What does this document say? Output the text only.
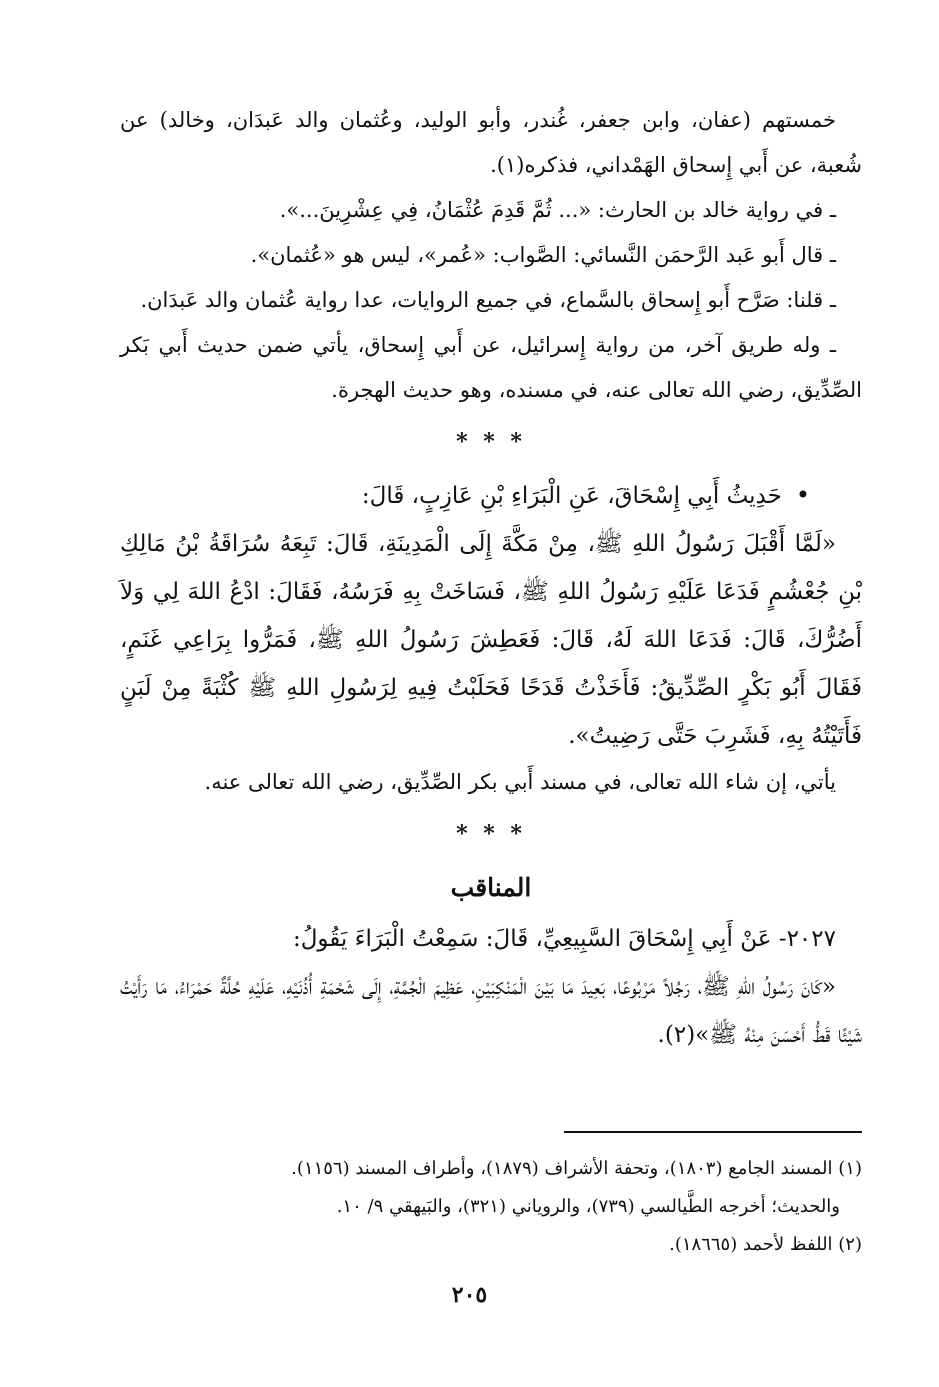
خمستهم (عفان، وابن جعفر، غُندر، وأبو الوليد، وعُثمان والد عَبدَان، وخالد) عن شُعبة، عن أَبي إِسحاق الهَمْداني، فذكره(١).

ـ في رواية خالد بن الحارث: «... ثُمَّ قَدِمَ عُثْمَانُ، فِي عِشْرِينَ...».

ـ قال أَبو عَبد الرَّحمَن النَّسائي: الصَّواب: «عُمر»، ليس هو «عُثمان».

ـ قلنا: صَرَّح أَبو إِسحاق بالسَّماع، في جميع الروايات، عدا رواية عُثمان والد عَبدَان.

ـ وله طريق آخر، من رواية إِسرائيل، عن أَبي إِسحاق، يأتي ضمن حديث أَبي بَكر الصِّدِّيق، رضي الله تعالى عنه، في مسنده، وهو حديث الهجرة.

* * *

• حَدِيثُ أَبِي إِسْحَاقَ، عَنِ الْبَرَاءِ بْنِ عَازِبٍ، قَالَ:

«لَمَّا أَقْبَلَ رَسُولُ اللهِ ﷺ، مِنْ مَكَّةَ إِلَى الْمَدِينَةِ، قَالَ: تَبِعَهُ سُرَاقَةُ بْنُ مَالِكِ بْنِ جُعْشُمٍ فَدَعَا عَلَيْهِ رَسُولُ اللهِ ﷺ، فَسَاخَتْ بِهِ فَرَسُهُ، فَقَالَ: ادْعُ اللهَ لِي وَلاَ أَضُرُّكَ، قَالَ: فَدَعَا اللهَ لَهُ، قَالَ: فَعَطِشَ رَسُولُ اللهِ ﷺ، فَمَرُّوا بِرَاعِي غَنَمٍ، فَقَالَ أَبُو بَكْرٍ الصِّدِّيقُ: فَأَخَذْتُ قَدَحًا فَحَلَبْتُ فِيهِ لِرَسُولِ اللهِ ﷺ كُثْبَةً مِنْ لَبَنٍ فَأَتَيْتُهُ بِهِ، فَشَرِبَ حَتَّى رَضِيتُ».

يأتي، إن شاء الله تعالى، في مسند أَبي بكر الصِّدِّيق، رضي الله تعالى عنه.

* * *
المناقب

٢٠٢٧- عَنْ أَبِي إِسْحَاقَ السَّبِيعِيِّ، قَالَ: سَمِعْتُ الْبَرَاءَ يَقُولُ:

«كَانَ رَسُولُ اللهِ ﷺ، رَجُلاً مَرْبُوعًا، بَعِيدَ مَا بَيْنَ الْمَنْكِبَيْنِ، عَظِيمَ الْجُمَّةِ، إِلَى شَحْمَةِ أُذُنَيْهِ، عَلَيْهِ حُلَّةٌ حَمْرَاءُ، مَا رَأَيْتُ شَيْئًا قَطُّ أَحْسَنَ مِنْهُ ﷺ»(٢).

(١) المسند الجامع (١٨٠٣)، وتحفة الأشراف (١٨٧٩)، وأطراف المسند (١١٥٦).

والحديث؛ أخرجه الطَّيالسي (٧٣٩)، والروياني (٣٢١)، والبَيهقي ٩/ ١٠.

(٢) اللفظ لأحمد (١٨٦٦٥).

٢٠٥
